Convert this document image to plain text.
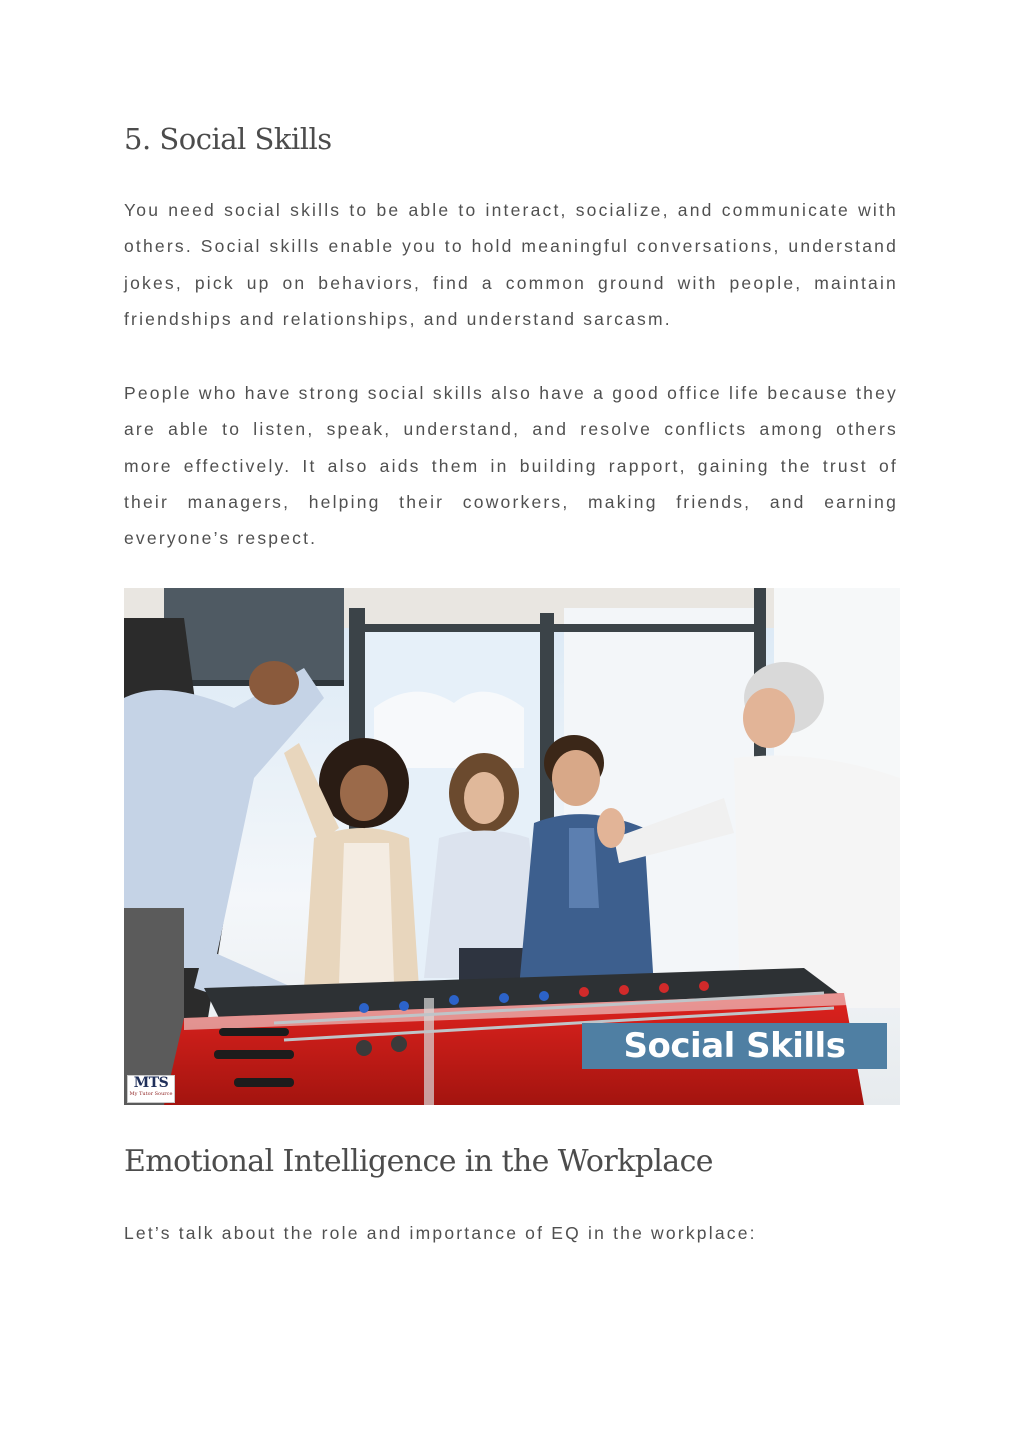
5. Social Skills

You need social skills to be able to interact, socialize, and communicate with others. Social skills enable you to hold meaningful conversations, understand jokes, pick up on behaviors, find a common ground with people, maintain friendships and relationships, and understand sarcasm.

People who have strong social skills also have a good office life because they are able to listen, speak, understand, and resolve conflicts among others more effectively. It also aids them in building rapport, gaining the trust of their managers, helping their coworkers, making friends, and earning everyone’s respect.

Social Skills
MTS
My Tutor Source
Emotional Intelligence in the Workplace

Let’s talk about the role and importance of EQ in the workplace:
